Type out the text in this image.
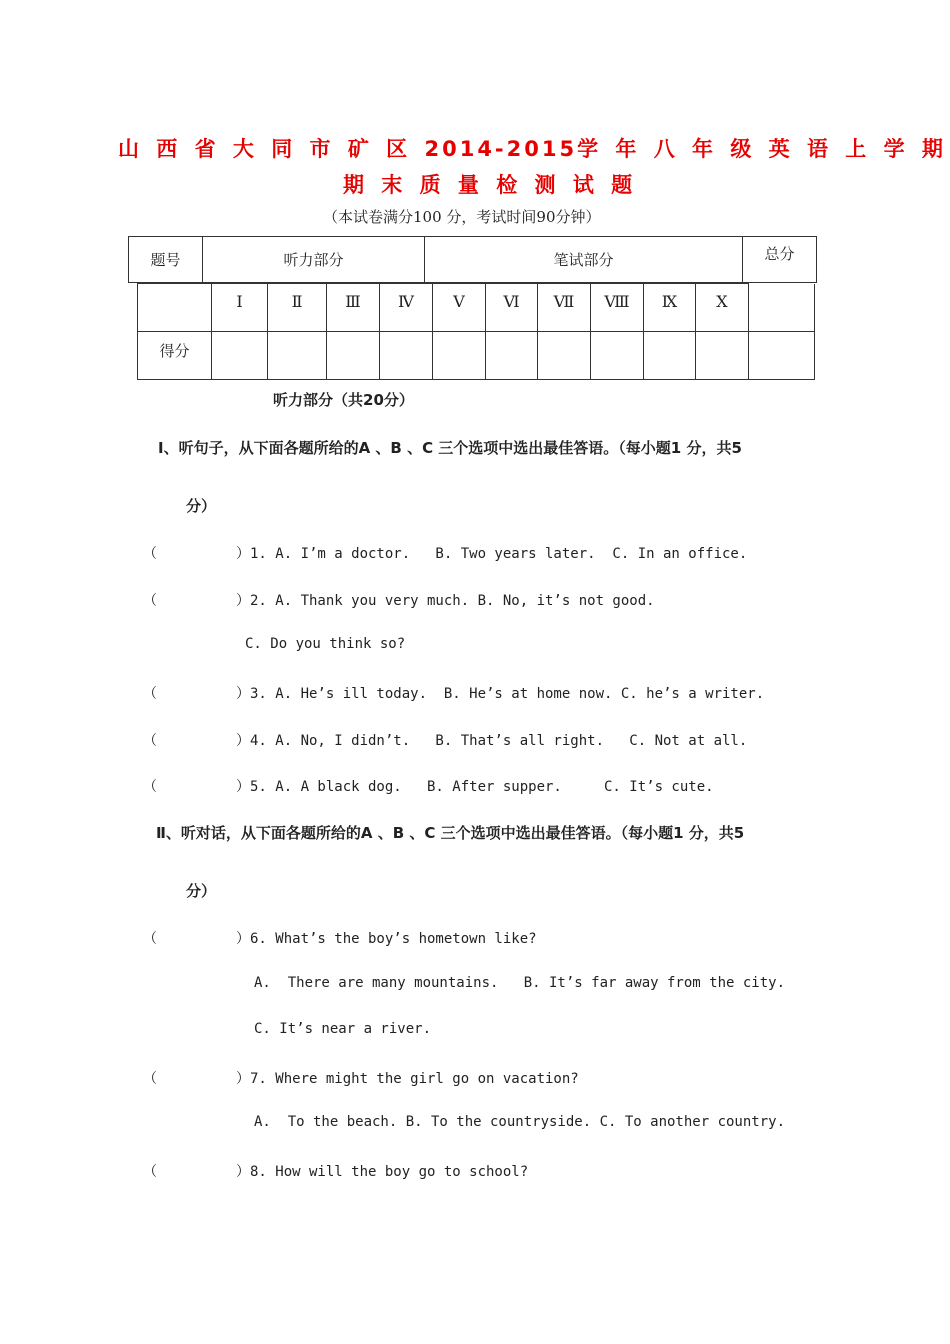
山 西 省 大 同 市 矿 区 2014-2015学 年 八 年 级 英 语 上 学 期
期 末 质 量 检 测 试 题
（本试卷满分100 分，考试时间90分钟）
题号	听力部分	笔试部分	总分
	Ⅰ	Ⅱ	Ⅲ	Ⅳ	Ⅴ	Ⅵ	Ⅶ	Ⅷ	Ⅸ	Ⅹ	
得分											
听力部分（共20分）
Ⅰ、听句子，从下面各题所给的A 、B 、C 三个选项中选出最佳答语。（每小题1 分，共5
分）
（	）1. A. I’m a doctor.   B. Two years later.  C. In an office.
（	）2. A. Thank you very much. B. No, it’s not good.
C. Do you think so?
（	）3. A. He’s ill today.  B. He’s at home now. C. he’s a writer.
（	）4. A. No, I didn’t.   B. That’s all right.   C. Not at all.
（	）5. A. A black dog.   B. After supper.     C. It’s cute.
Ⅱ、听对话，从下面各题所给的A 、B 、C 三个选项中选出最佳答语。（每小题1 分，共5
分）
（	）6. What’s the boy’s hometown like?
A.  There are many mountains.   B. It’s far away from the city.
C. It’s near a river.
（	）7. Where might the girl go on vacation?
A.  To the beach. B. To the countryside. C. To another country.
（	）8. How will the boy go to school?
